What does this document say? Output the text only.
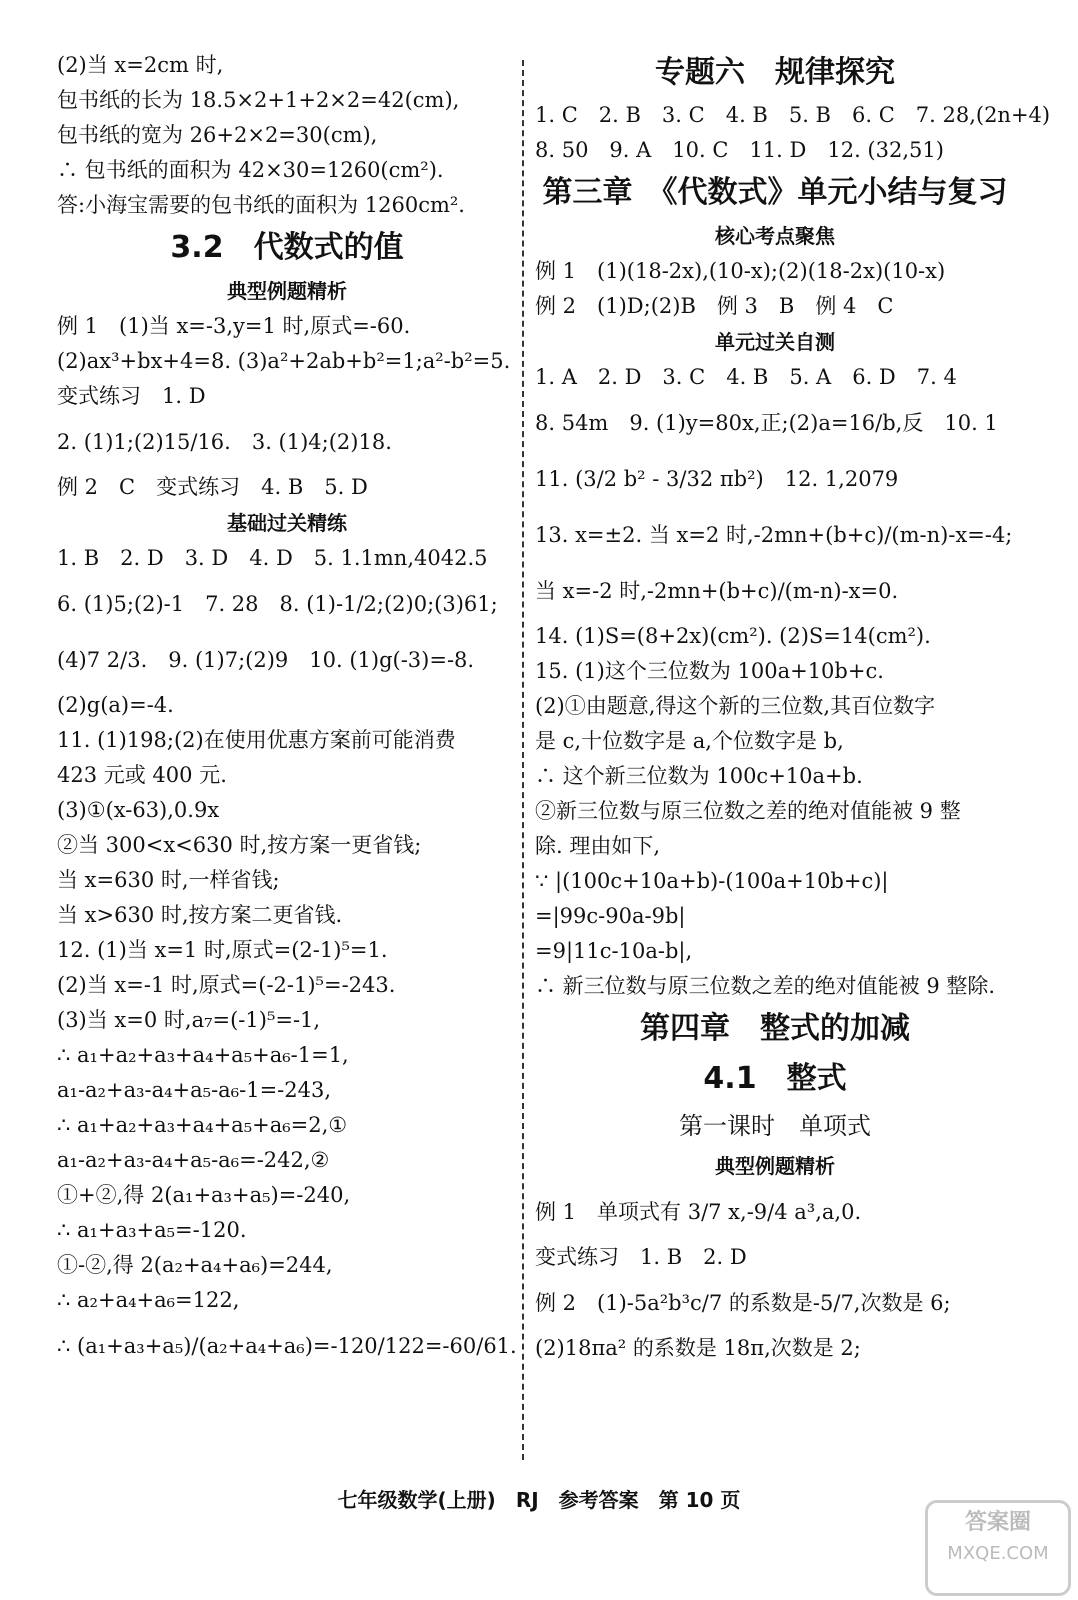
(2)当 x=2cm 时,
包书纸的长为 18.5×2+1+2×2=42(cm),
包书纸的宽为 26+2×2=30(cm),
∴ 包书纸的面积为 42×30=1260(cm²).
答:小海宝需要的包书纸的面积为 1260cm².
3.2　代数式的值
典型例题精析
例 1　(1)当 x=-3,y=1 时,原式=-60.
(2)ax³+bx+4=8. (3)a²+2ab+b²=1;a²-b²=5.
变式练习　1. D
2. (1)1;(2)15/16.　3. (1)4;(2)18.
例 2　C　变式练习　4. B　5. D
基础过关精练
1. B　2. D　3. D　4. D　5. 1.1mn,4042.5
6. (1)5;(2)-1　7. 28　8. (1)-1/2;(2)0;(3)61;
(4)7 2/3.　9. (1)7;(2)9　10. (1)g(-3)=-8.
(2)g(a)=-4.
11. (1)198;(2)在使用优惠方案前可能消费
423 元或 400 元.
(3)①(x-63),0.9x
②当 300<x<630 时,按方案一更省钱;
当 x=630 时,一样省钱;
当 x>630 时,按方案二更省钱.
12. (1)当 x=1 时,原式=(2-1)⁵=1.
(2)当 x=-1 时,原式=(-2-1)⁵=-243.
(3)当 x=0 时,a₇=(-1)⁵=-1,
∴ a₁+a₂+a₃+a₄+a₅+a₆-1=1,
a₁-a₂+a₃-a₄+a₅-a₆-1=-243,
∴ a₁+a₂+a₃+a₄+a₅+a₆=2,①
a₁-a₂+a₃-a₄+a₅-a₆=-242,②
①+②,得 2(a₁+a₃+a₅)=-240,
∴ a₁+a₃+a₅=-120.
①-②,得 2(a₂+a₄+a₆)=244,
∴ a₂+a₄+a₆=122,
∴ (a₁+a₃+a₅)/(a₂+a₄+a₆)=-120/122=-60/61.
专题六　规律探究
1. C　2. B　3. C　4. B　5. B　6. C　7. 28,(2n+4)
8. 50　9. A　10. C　11. D　12. (32,51)
第三章　《代数式》单元小结与复习
核心考点聚焦
例 1　(1)(18-2x),(10-x);(2)(18-2x)(10-x)
例 2　(1)D;(2)B　例 3　B　例 4　C
单元过关自测
1. A　2. D　3. C　4. B　5. A　6. D　7. 4
8. 54m　9. (1)y=80x,正;(2)a=16/b,反　10. 1
11. (3/2 b² - 3/32 πb²)　12. 1,2079
13. x=±2. 当 x=2 时,-2mn+(b+c)/(m-n)-x=-4;
当 x=-2 时,-2mn+(b+c)/(m-n)-x=0.
14. (1)S=(8+2x)(cm²). (2)S=14(cm²).
15. (1)这个三位数为 100a+10b+c.
(2)①由题意,得这个新的三位数,其百位数字
是 c,十位数字是 a,个位数字是 b,
∴ 这个新三位数为 100c+10a+b.
②新三位数与原三位数之差的绝对值能被 9 整
除. 理由如下,
∵ |(100c+10a+b)-(100a+10b+c)|
=|99c-90a-9b|
=9|11c-10a-b|,
∴ 新三位数与原三位数之差的绝对值能被 9 整除.
第四章　整式的加减
4.1　整式
第一课时　单项式
典型例题精析
例 1　单项式有 3/7 x,-9/4 a³,a,0.
变式练习　1. B　2. D
例 2　(1)-5a²b³c/7 的系数是-5/7,次数是 6;
(2)18πa² 的系数是 18π,次数是 2;
七年级数学(上册)　RJ　参考答案　第 10 页
答案圈
MXQE.COM
